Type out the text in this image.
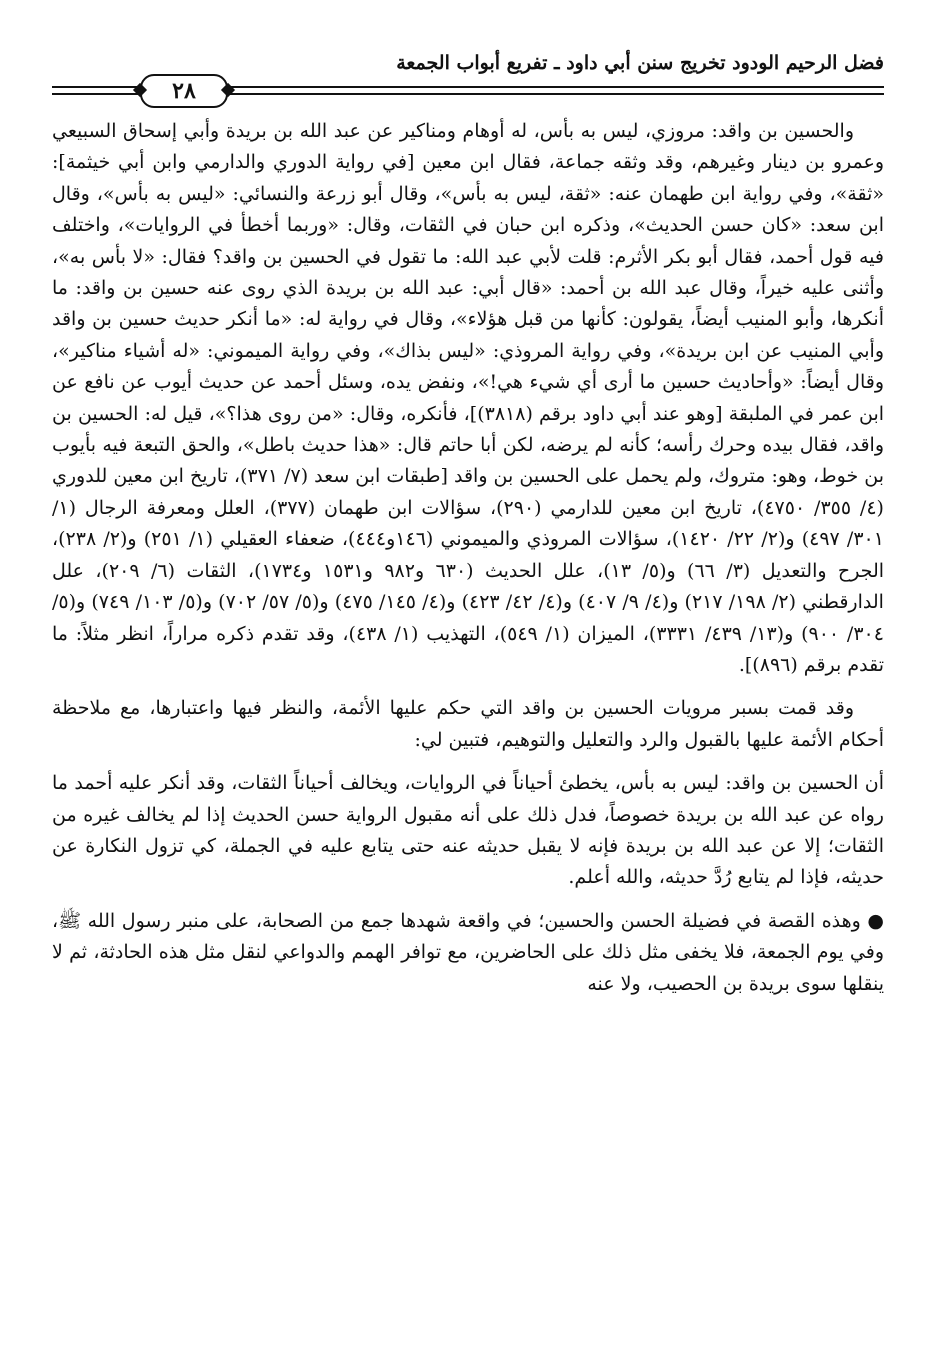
فضل الرحيم الودود تخريج سنن أبي داود ـ تفريع أبواب الجمعة
٢٨

والحسين بن واقد: مروزي، ليس به بأس، له أوهام ومناكير عن عبد الله بن بريدة وأبي إسحاق السبيعي وعمرو بن دينار وغيرهم، وقد وثقه جماعة، فقال ابن معين [في رواية الدوري والدارمي وابن أبي خيثمة]: «ثقة»، وفي رواية ابن طهمان عنه: «ثقة، ليس به بأس»، وقال أبو زرعة والنسائي: «ليس به بأس»، وقال ابن سعد: «كان حسن الحديث»، وذكره ابن حبان في الثقات، وقال: «وربما أخطأ في الروايات»، واختلف فيه قول أحمد، فقال أبو بكر الأثرم: قلت لأبي عبد الله: ما تقول في الحسين بن واقد؟ فقال: «لا بأس به»، وأثنى عليه خيراً، وقال عبد الله بن أحمد: «قال أبي: عبد الله بن بريدة الذي روى عنه حسين بن واقد: ما أنكرها، وأبو المنيب أيضاً، يقولون: كأنها من قبل هؤلاء»، وقال في رواية له: «ما أنكر حديث حسين بن واقد وأبي المنيب عن ابن بريدة»، وفي رواية المروذي: «ليس بذاك»، وفي رواية الميموني: «له أشياء مناكير»، وقال أيضاً: «وأحاديث حسين ما أرى أي شيء هي!»، ونفض يده، وسئل أحمد عن حديث أيوب عن نافع عن ابن عمر في الملبقة [وهو عند أبي داود برقم (٣٨١٨)]، فأنكره، وقال: «من روى هذا؟»، قيل له: الحسين بن واقد، فقال بيده وحرك رأسه؛ كأنه لم يرضه، لكن أبا حاتم قال: «هذا حديث باطل»، والحق التبعة فيه بأيوب بن خوط، وهو: متروك، ولم يحمل على الحسين بن واقد [طبقات ابن سعد (٧/ ٣٧١)، تاريخ ابن معين للدوري (٤/ ٣٥٥/ ٤٧٥٠)، تاريخ ابن معين للدارمي (٢٩٠)، سؤالات ابن طهمان (٣٧٧)، العلل ومعرفة الرجال (١/ ٣٠١/ ٤٩٧) و(٢/ ٢٢/ ١٤٢٠)، سؤالات المروذي والميموني (١٤٦و٤٤٤)، ضعفاء العقيلي (١/ ٢٥١) و(٢/ ٢٣٨)، الجرح والتعديل (٣/ ٦٦) و(٥/ ١٣)، علل الحديث (٦٣٠ و٩٨٢ و١٥٣١ و١٧٣٤)، الثقات (٦/ ٢٠٩)، علل الدارقطني (٢/ ١٩٨/ ٢١٧) و(٤/ ٩/ ٤٠٧) و(٤/ ٤٢/ ٤٢٣) و(٤/ ١٤٥/ ٤٧٥) و(٥/ ٥٧/ ٧٠٢) و(٥/ ١٠٣/ ٧٤٩) و(٥/ ٣٠٤/ ٩٠٠) و(١٣/ ٤٣٩/ ٣٣٣١)، الميزان (١/ ٥٤٩)، التهذيب (١/ ٤٣٨)، وقد تقدم ذكره مراراً، انظر مثلاً: ما تقدم برقم (٨٩٦)].

وقد قمت بسبر مرويات الحسين بن واقد التي حكم عليها الأئمة، والنظر فيها واعتبارها، مع ملاحظة أحكام الأئمة عليها بالقبول والرد والتعليل والتوهيم، فتبين لي:

أن الحسين بن واقد: ليس به بأس، يخطئ أحياناً في الروايات، ويخالف أحياناً الثقات، وقد أنكر عليه أحمد ما رواه عن عبد الله بن بريدة خصوصاً، فدل ذلك على أنه مقبول الرواية حسن الحديث إذا لم يخالف غيره من الثقات؛ إلا عن عبد الله بن بريدة فإنه لا يقبل حديثه عنه حتى يتابع عليه في الجملة، كي تزول النكارة عن حديثه، فإذا لم يتابع رُدَّ حديثه، والله أعلم.

● وهذه القصة في فضيلة الحسن والحسين؛ في واقعة شهدها جمع من الصحابة، على منبر رسول الله ﷺ، وفي يوم الجمعة، فلا يخفى مثل ذلك على الحاضرين، مع توافر الهمم والدواعي لنقل مثل هذه الحادثة، ثم لا ينقلها سوى بريدة بن الحصيب، ولا عنه
